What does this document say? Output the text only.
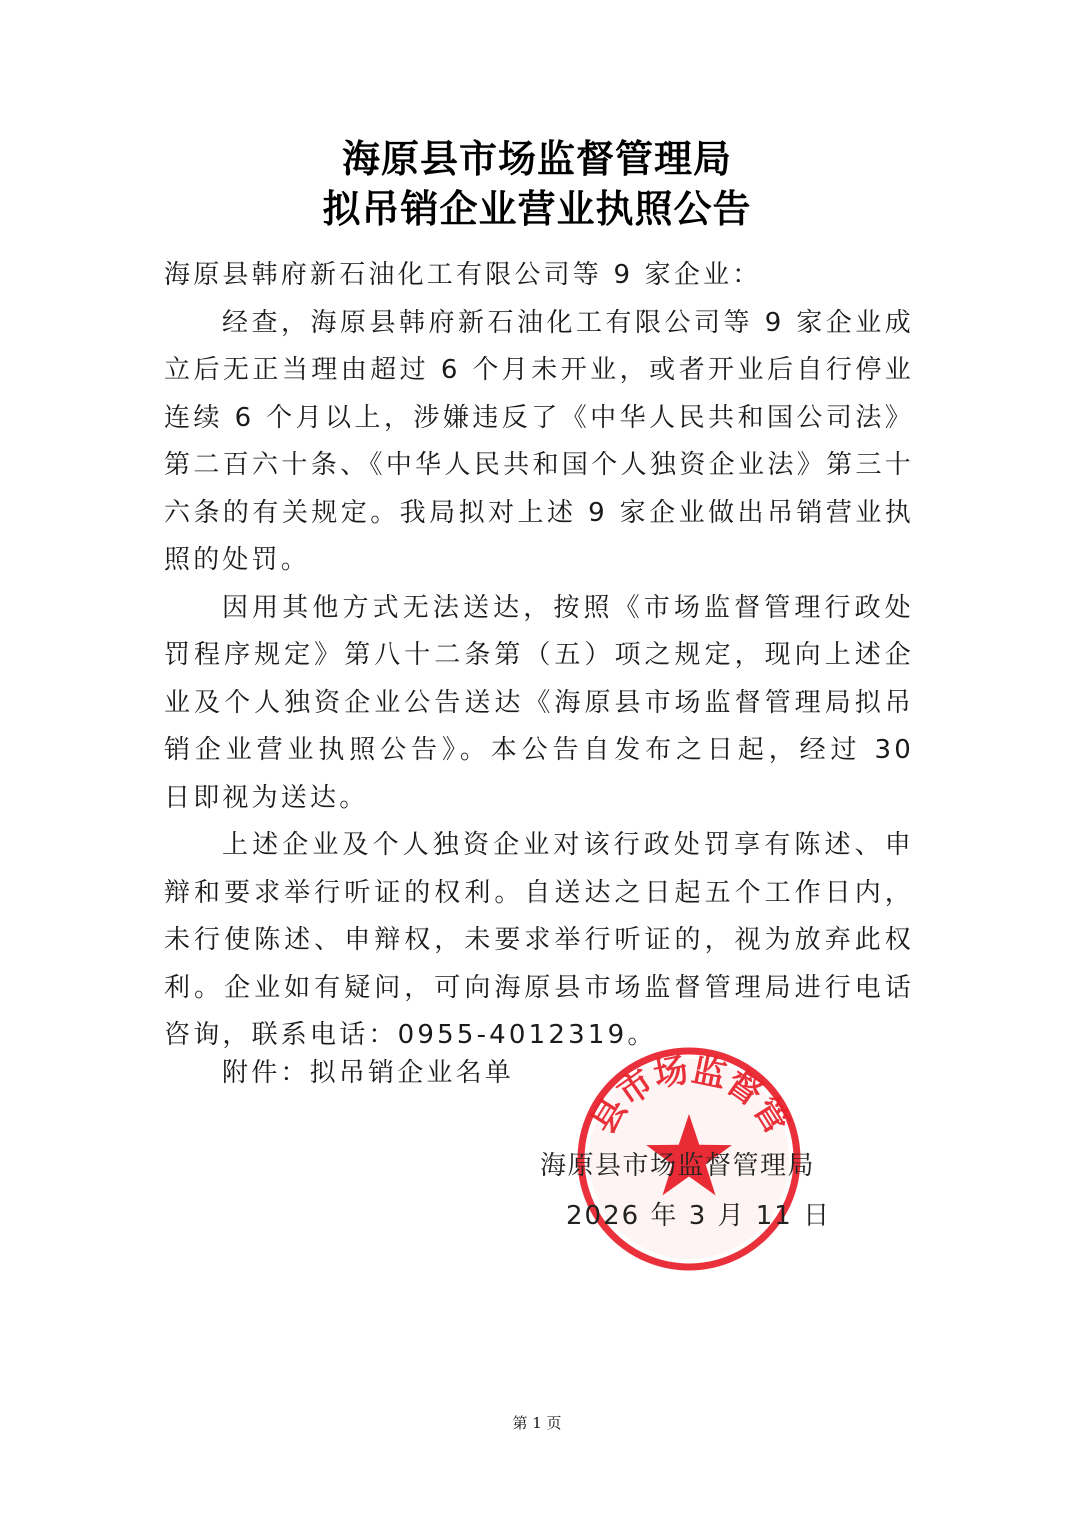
海原县市场监督管理局
拟吊销企业营业执照公告

海原县韩府新石油化工有限公司等 9 家企业：

经查，海原县韩府新石油化工有限公司等 9 家企业成立后无正当理由超过 6 个月未开业，或者开业后自行停业连续 6 个月以上，涉嫌违反了《中华人民共和国公司法》第二百六十条、《中华人民共和国个人独资企业法》第三十六条的有关规定。我局拟对上述 9 家企业做出吊销营业执照的处罚。

因用其他方式无法送达，按照《市场监督管理行政处罚程序规定》第八十二条第（五）项之规定，现向上述企业及个人独资企业公告送达《海原县市场监督管理局拟吊销企业营业执照公告》。本公告自发布之日起，经过 30 日即视为送达。

上述企业及个人独资企业对该行政处罚享有陈述、申辩和要求举行听证的权利。自送达之日起五个工作日内，未行使陈述、申辩权，未要求举行听证的，视为放弃此权利。企业如有疑问，可向海原县市场监督管理局进行电话咨询，联系电话：0955-4012319。

附件：拟吊销企业名单
县市场监督管
海原县市场监督管理局
2026 年 3 月 11 日
第 1 页
